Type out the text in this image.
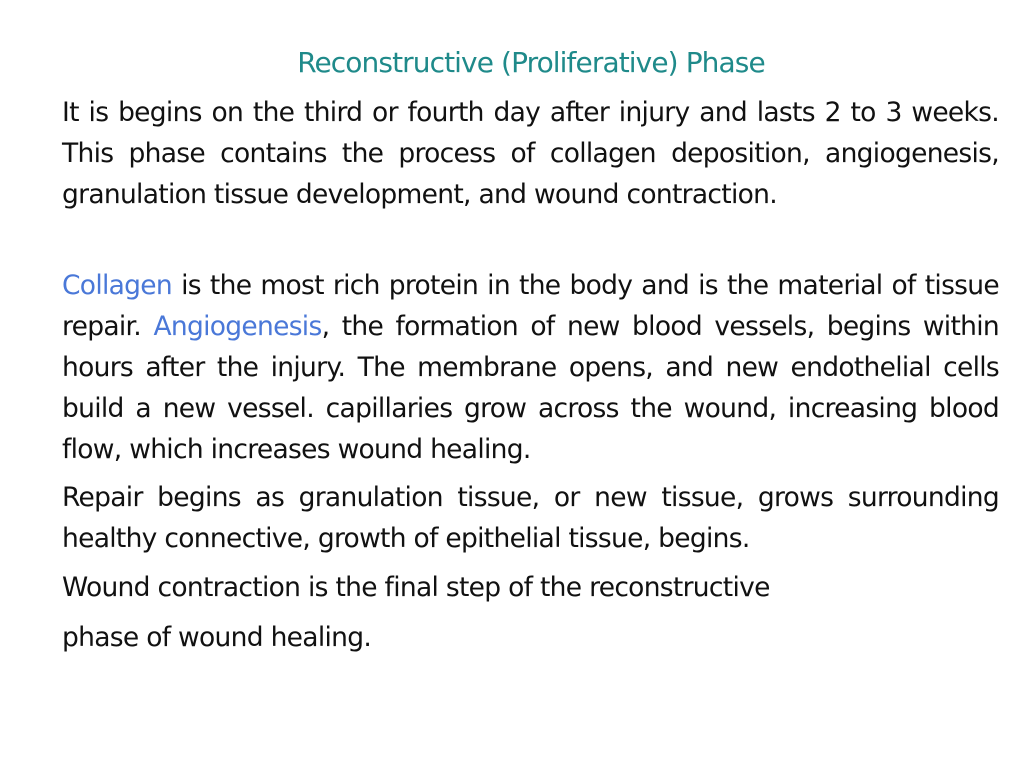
Reconstructive (Proliferative) Phase

It is begins on the third or fourth day after injury and lasts 2 to 3 weeks. This phase contains the process of collagen deposition, angiogenesis, granulation tissue development, and wound contraction.

Collagen is the most rich protein in the body and is the material of tissue repair. Angiogenesis, the formation of new blood vessels, begins within hours after the injury. The membrane opens, and new endothelial cells build a new vessel. capillaries grow across the wound, increasing blood flow, which increases wound healing.

Repair begins as granulation tissue, or new tissue, grows surrounding healthy connective, growth of epithelial tissue, begins.

Wound contraction is the final step of the reconstructive

phase of wound healing.
